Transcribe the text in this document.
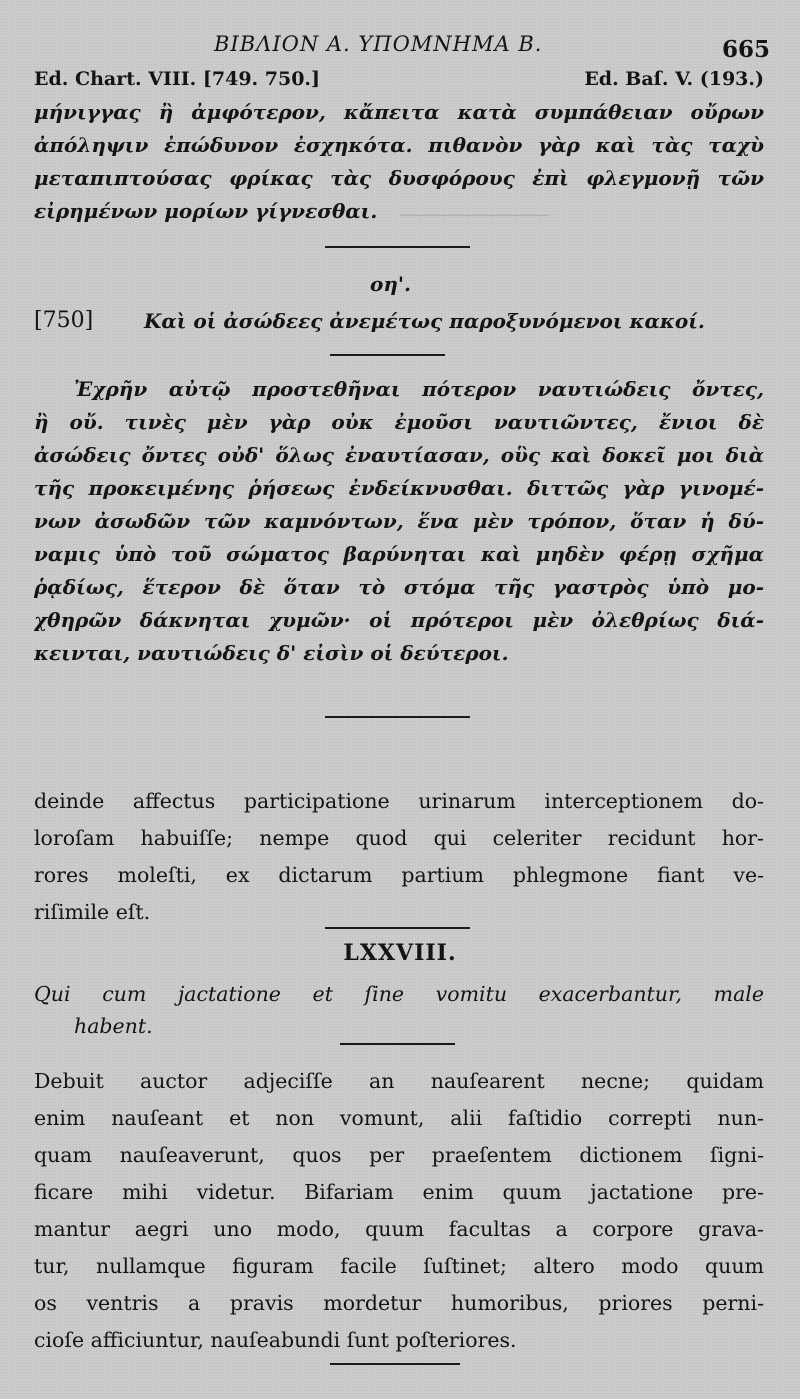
─────────────
ΒΙΒΛΙΟΝ Α. ΥΠΟΜΝΗΜΑ Β.	665
Ed. Chart. VIII. [749. 750.]	Ed. Baſ. V. (193.)
μήνιγγας ἢ ἀμφότερον, κἄπειτα κατὰ συμπάθειαν οὔρων
ἀπόληψιν ἐπώδυνον ἐσχηκότα. πιθανὸν γὰρ καὶ τὰς ταχὺ
μεταπιπτούσας φρίκας τὰς δυσφόρους ἐπὶ φλεγμονῇ τῶν
εἰρημένων μορίων γίγνεσθαι.
οη'.
[750]	Καὶ οἱ ἀσώδεες ἀνεμέτως παροξυνόμενοι κακοί.
Ἐχρῆν αὐτῷ προστεθῆναι πότερον ναυτιώδεις ὄντες,
ἢ οὔ. τινὲς μὲν γὰρ οὐκ ἐμοῦσι ναυτιῶντες, ἔνιοι δὲ
ἀσώδεις ὄντες οὐδ' ὅλως ἐναυτίασαν, οὓς καὶ δοκεῖ μοι διὰ
τῆς προκειμένης ῥήσεως ἐνδείκνυσθαι. διττῶς γὰρ γινομέ-
νων ἀσωδῶν τῶν καμνόντων, ἕνα μὲν τρόπον, ὅταν ἡ δύ-
ναμις ὑπὸ τοῦ σώματος βαρύνηται καὶ μηδὲν φέρῃ σχῆμα
ῥᾳδίως, ἕτερον δὲ ὅταν τὸ στόμα τῆς γαστρὸς ὑπὸ μο-
χθηρῶν δάκνηται χυμῶν· οἱ πρότεροι μὲν ὀλεθρίως διά-
κεινται, ναυτιώδεις δ' εἰσὶν οἱ δεύτεροι.
deinde affectus participatione urinarum interceptionem do-
loroſam habuiſſe; nempe quod qui celeriter recidunt hor-
rores moleſti, ex dictarum partium phlegmone fiant ve-
riſimile eſt.
LXXVIII.
Qui cum jactatione et ſine vomitu exacerbantur, male
habent.
Debuit auctor adjeciſſe an nauſearent necne; quidam
enim nauſeant et non vomunt, alii faſtidio correpti nun-
quam nauſeaverunt, quos per praeſentem dictionem ſigni-
ficare mihi videtur. Bifariam enim quum jactatione pre-
mantur aegri uno modo, quum facultas a corpore grava-
tur, nullamque figuram facile ſuſtinet; altero modo quum
os ventris a pravis mordetur humoribus, priores perni-
cioſe afficiuntur, nauſeabundi ſunt poſteriores.
